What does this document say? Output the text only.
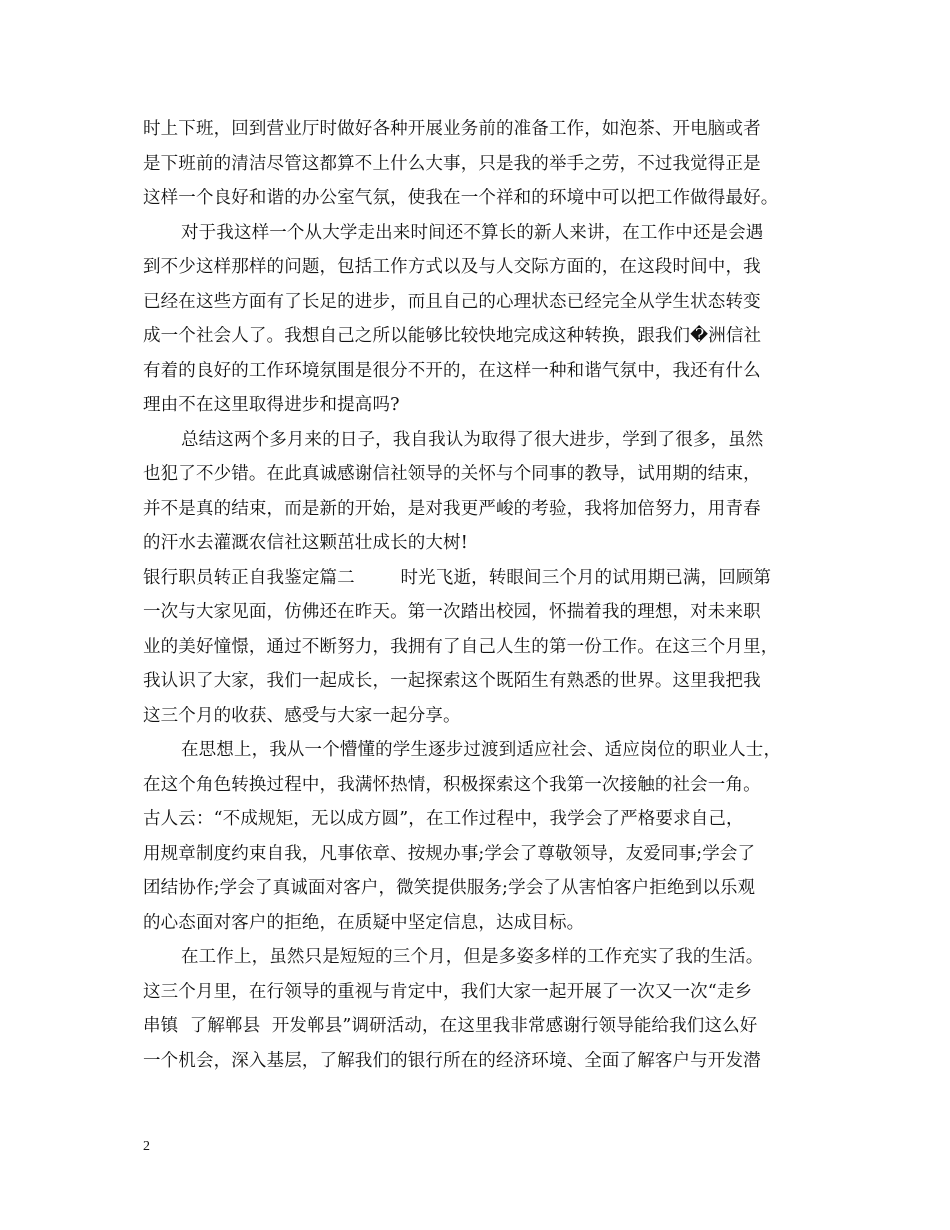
时上下班，回到营业厅时做好各种开展业务前的准备工作，如泡茶、开电脑或者
是下班前的清洁尽管这都算不上什么大事，只是我的举手之劳，不过我觉得正是
这样一个良好和谐的办公室气氛，使我在一个祥和的环境中可以把工作做得最好。
对于我这样一个从大学走出来时间还不算长的新人来讲，在工作中还是会遇
到不少这样那样的问题，包括工作方式以及与人交际方面的，在这段时间中，我
已经在这些方面有了长足的进步，而且自己的心理状态已经完全从学生状态转变
成一个社会人了。我想自己之所以能够比较快地完成这种转换，跟我们�洲信社
有着的良好的工作环境氛围是很分不开的，在这样一种和谐气氛中，我还有什么
理由不在这里取得进步和提高吗?
总结这两个多月来的日子，我自我认为取得了很大进步，学到了很多，虽然
也犯了不少错。在此真诚感谢信社领导的关怀与个同事的教导，试用期的结束，
并不是真的结束，而是新的开始，是对我更严峻的考验，我将加倍努力，用青春
的汗水去灌溉农信社这颗茁壮成长的大树!
银行职员转正自我鉴定篇二        时光飞逝，转眼间三个月的试用期已满，回顾第
一次与大家见面，仿佛还在昨天。第一次踏出校园，怀揣着我的理想，对未来职
业的美好憧憬，通过不断努力，我拥有了自己人生的第一份工作。在这三个月里，
我认识了大家，我们一起成长，一起探索这个既陌生有熟悉的世界。这里我把我
这三个月的收获、感受与大家一起分享。
在思想上，我从一个懵懂的学生逐步过渡到适应社会、适应岗位的职业人士，
在这个角色转换过程中，我满怀热情，积极探索这个我第一次接触的社会一角。
古人云：“不成规矩，无以成方圆”，在工作过程中，我学会了严格要求自己，
用规章制度约束自我，凡事依章、按规办事;学会了尊敬领导，友爱同事;学会了
团结协作;学会了真诚面对客户，微笑提供服务;学会了从害怕客户拒绝到以乐观
的心态面对客户的拒绝，在质疑中坚定信息，达成目标。
在工作上，虽然只是短短的三个月，但是多姿多样的工作充实了我的生活。
这三个月里，在行领导的重视与肯定中，我们大家一起开展了一次又一次“走乡
串镇  了解郸县  开发郸县”调研活动，在这里我非常感谢行领导能给我们这么好
一个机会，深入基层，了解我们的银行所在的经济环境、全面了解客户与开发潜
2
